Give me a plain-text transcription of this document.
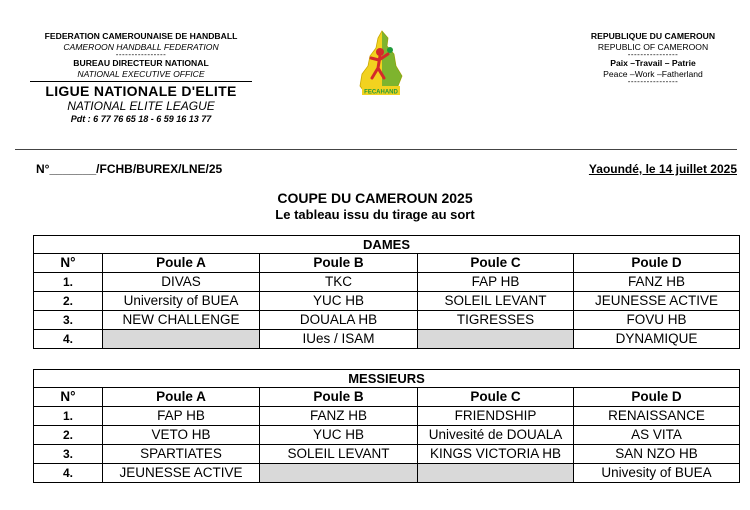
FEDERATION CAMEROUNAISE DE HANDBALL
CAMEROON HANDBALL FEDERATION
----------------
BUREAU DIRECTEUR NATIONAL
NATIONAL EXECUTIVE OFFICE
LIGUE NATIONALE D'ELITE
NATIONAL ELITE LEAGUE
Pdt : 6 77 76 65 18 - 6 59 16 13 77
FECAHAND
REPUBLIQUE DU CAMEROUN
REPUBLIC OF CAMEROON
----------------
Paix –Travail – Patrie
Peace –Work –Fatherland
----------------
N°_______/FCHB/BUREX/LNE/25	Yaoundé, le 14 juillet 2025
COUPE DU CAMEROUN 2025
Le tableau issu du tirage au sort
DAMES				
N°	Poule A	Poule B	Poule C	Poule D
1.	DIVAS	TKC	FAP HB	FANZ HB
2.	University of BUEA	YUC HB	SOLEIL LEVANT	JEUNESSE ACTIVE
3.	NEW CHALLENGE	DOUALA HB	TIGRESSES	FOVU HB
4.		IUes / ISAM		DYNAMIQUE
MESSIEURS				
N°	Poule A	Poule B	Poule C	Poule D
1.	FAP HB	FANZ HB	FRIENDSHIP	RENAISSANCE
2.	VETO HB	YUC HB	Univesité de DOUALA	AS VITA
3.	SPARTIATES	SOLEIL LEVANT	KINGS VICTORIA HB	SAN NZO HB
4.	JEUNESSE ACTIVE			Univesity of BUEA
